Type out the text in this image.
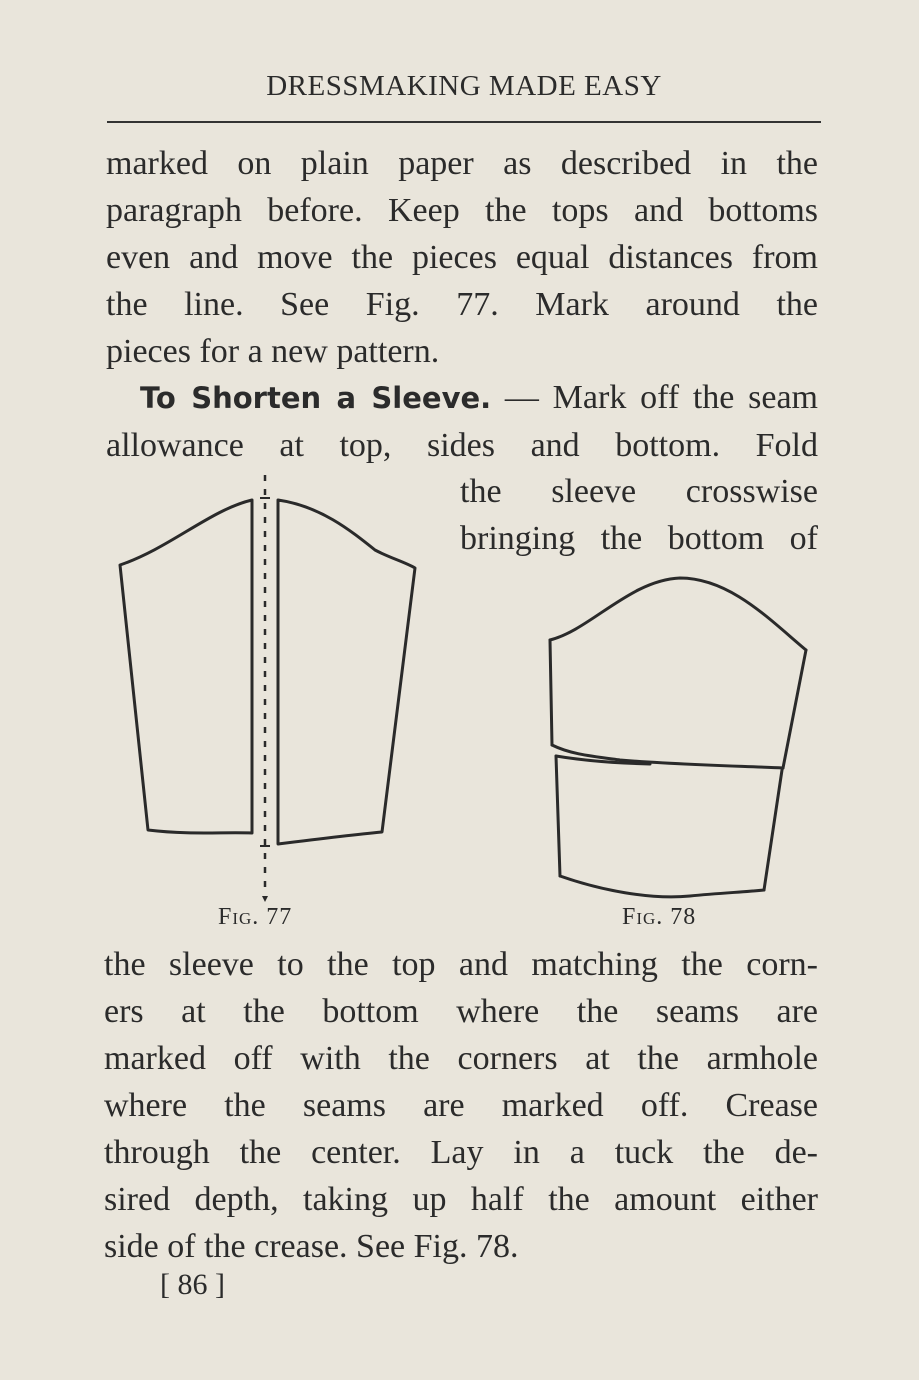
DRESSMAKING MADE EASY
marked on plain paper as described in the
paragraph before. Keep the tops and bottoms
even and move the pieces equal distances from
the line. See Fig. 77. Mark around the
pieces for a new pattern.
To Shorten a Sleeve. — Mark off the seam
allowance at top, sides and bottom. Fold
the sleeve crosswise
bringing the bottom of
Fig. 77	Fig. 78
the sleeve to the top and matching the corn-
ers at the bottom where the seams are
marked off with the corners at the armhole
where the seams are marked off. Crease
through the center. Lay in a tuck the de-
sired depth, taking up half the amount either
side of the crease. See Fig. 78.
[ 86 ]
